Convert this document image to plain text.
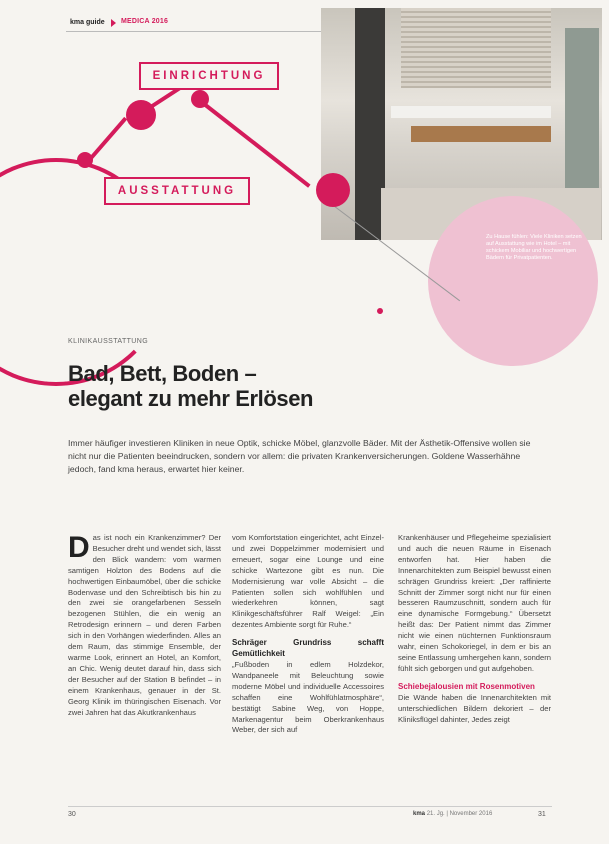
kma guide MEDICA 2016
Zu Hause fühlen: Viele Kliniken setzen auf Ausstattung wie im Hotel – mit schickem Mobiliar und hochwertigen Bädern für Privatpatienten.
EINRICHTUNG
AUSSTATTUNG
KLINIKAUSSTATTUNG
Bad, Bett, Boden –
elegant zu mehr Erlösen
Immer häufiger investieren Kliniken in neue Optik, schicke Möbel, glanzvolle Bäder. Mit der Ästhetik-Offensive wollen sie nicht nur die Patienten beeindrucken, sondern vor allem: die privaten Krankenversicherungen. Goldene Wasserhähne jedoch, fand kma heraus, erwartet hier keiner.
Das ist noch ein Krankenzimmer? Der Besucher dreht und wendet sich, lässt den Blick wandern: vom warmen samtigen Holzton des Bodens auf die hochwertigen Einbaumöbel, über die schicke Bodenvase und den Schreibtisch bis hin zu den zwei sie orangefarbenen Sesseln bezogenen Stühlen, die ein wenig an Retrodesign erinnern – und deren Farben sich in den Vorhängen wiederfinden. Alles an dem Raum, das stimmige Ensemble, der warme Look, erinnert an Hotel, an Komfort, an Chic. Wenig deutet darauf hin, dass sich der Besucher auf der Station B befindet – in einem Krankenhaus, genauer in der St. Georg Klinik im thüringischen Eisenach. Vor zwei Jahren hat das Akutkrankenhaus
vom Komfortstation eingerichtet, acht Einzel- und zwei Doppelzimmer modernisiert und erneuert, sogar eine Lounge und eine schicke Wartezone gibt es nun. Die Modernisierung war volle Absicht – die Patienten sollen sich wohlfühlen und wiederkehren können, sagt Klinikgeschäftsführer Ralf Weigel: „Ein dezentes Ambiente sorgt für Ruhe.“
Schräger Grundriss schafft Gemütlichkeit
„Fußboden in edlem Holzdekor, Wandpaneele mit Beleuchtung sowie moderne Möbel und individuelle Accessoires schaffen eine Wohlfühlatmosphäre“, bestätigt Sabine Weg, von Hoppe, Markenagentur beim Oberkrankenhaus Weber, der sich auf
Krankenhäuser und Pflegeheime spezialisiert und auch die neuen Räume in Eisenach entworfen hat. Hier haben die Innenarchitekten zum Beispiel bewusst einen schrägen Grundriss kreiert: „Der raffinierte Schnitt der Zimmer sorgt nicht nur für einen besseren Raumzuschnitt, sondern auch für eine dynamische Formgebung.“ Übersetzt heißt das: Der Patient nimmt das Zimmer nicht wie einen nüchternen Funktionsraum wahr, einen Schokoriegel, in dem er bis an seine Entlassung umhergehen kann, sondern fühlt sich geborgen und gut aufgehoben.
Schiebejalousien mit Rosenmotiven
Die Wände haben die Innenarchitekten mit unterschiedlichen Bildern dekoriert – der Kliniksflügel dahinter, Jedes zeigt
30	kma 21. Jg. | November 2016	31
